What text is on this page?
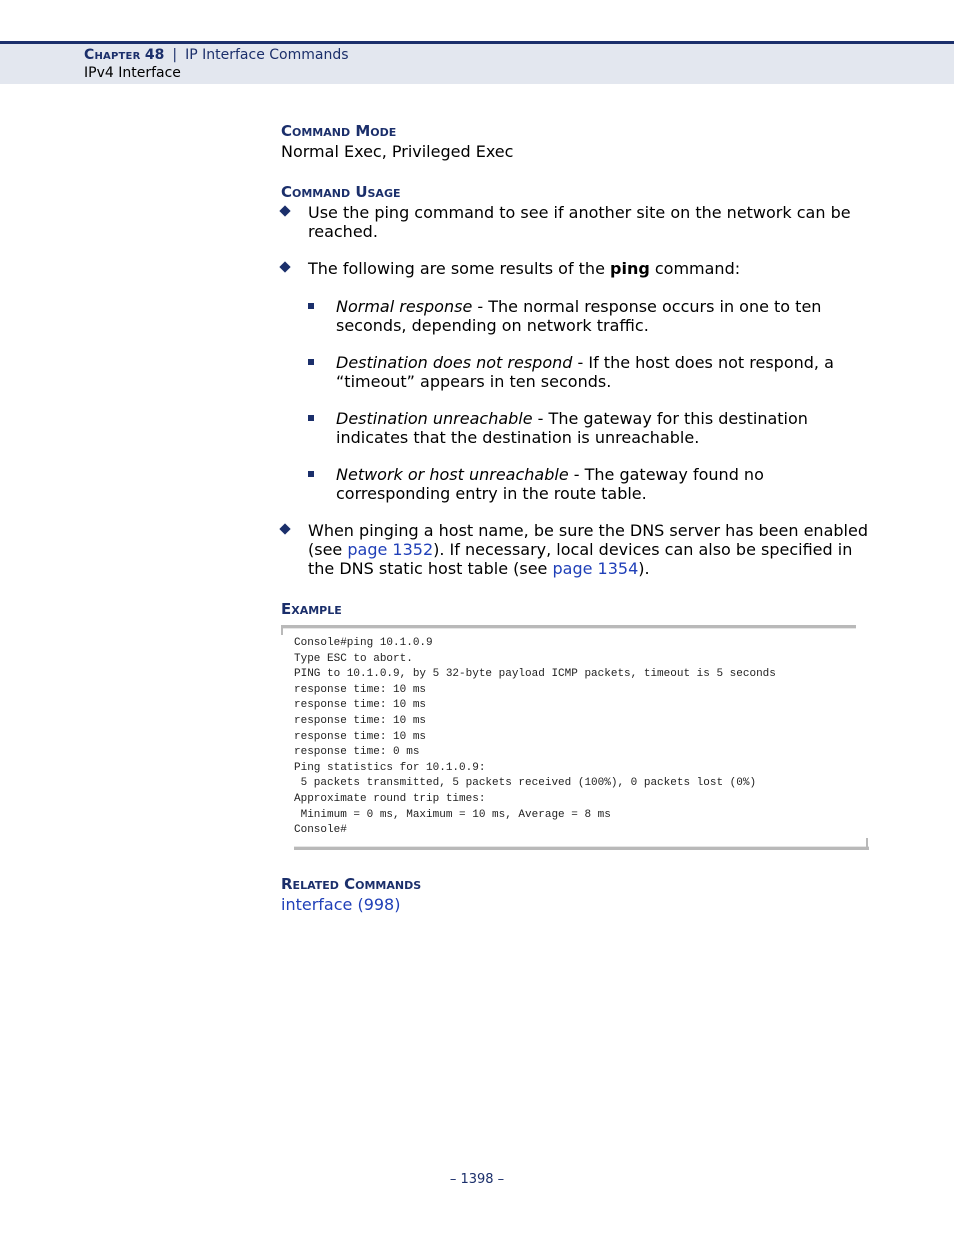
Chapter 48 | IP Interface Commands
IPv4 Interface
Command Mode
Normal Exec, Privileged Exec
Command Usage
Use the ping command to see if another site on the network can be reached.
The following are some results of the ping command:
Normal response - The normal response occurs in one to ten seconds, depending on network traffic.
Destination does not respond - If the host does not respond, a “timeout” appears in ten seconds.
Destination unreachable - The gateway for this destination indicates that the destination is unreachable.
Network or host unreachable - The gateway found no corresponding entry in the route table.
When pinging a host name, be sure the DNS server has been enabled (see page 1352). If necessary, local devices can also be specified in the DNS static host table (see page 1354).
Example
Related Commands
interface (998)
Console#ping 10.1.0.9
Type ESC to abort.
PING to 10.1.0.9, by 5 32-byte payload ICMP packets, timeout is 5 seconds
response time: 10 ms
response time: 10 ms
response time: 10 ms
response time: 10 ms
response time: 0 ms
Ping statistics for 10.1.0.9:
5 packets transmitted, 5 packets received (100%), 0 packets lost (0%)
Approximate round trip times:
Minimum = 0 ms, Maximum = 10 ms, Average = 8 ms
Console#
– 1398 –
